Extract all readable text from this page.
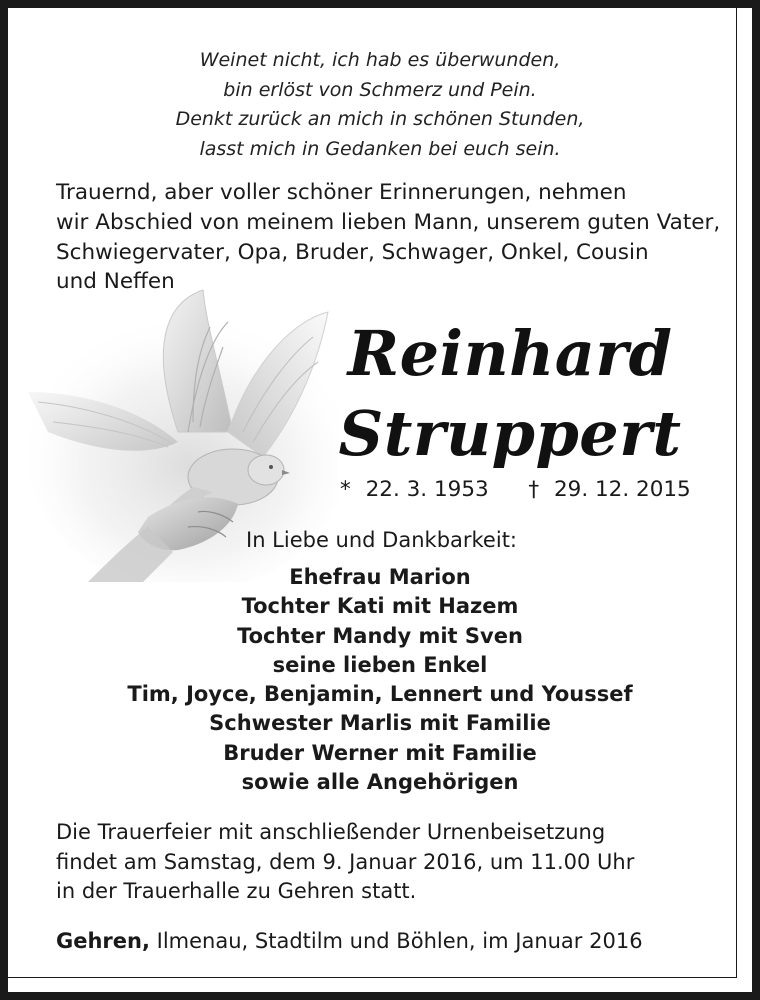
Weinet nicht, ich hab es überwunden,
bin erlöst von Schmerz und Pein.
Denkt zurück an mich in schönen Stunden,
lasst mich in Gedanken bei euch sein.
Trauernd, aber voller schöner Erinnerungen, nehmen
wir Abschied von meinem lieben Mann, unserem guten Vater,
Schwiegervater, Opa, Bruder, Schwager, Onkel, Cousin
und Neffen
Reinhard
Struppert
* 22. 3. 1953 † 29. 12. 2015
In Liebe und Dankbarkeit:
Ehefrau Marion
Tochter Kati mit Hazem
Tochter Mandy mit Sven
seine lieben Enkel
Tim, Joyce, Benjamin, Lennert und Youssef
Schwester Marlis mit Familie
Bruder Werner mit Familie
sowie alle Angehörigen
Die Trauerfeier mit anschließender Urnenbeisetzung
findet am Samstag, dem 9. Januar 2016, um 11.00 Uhr
in der Trauerhalle zu Gehren statt.
Gehren, Ilmenau, Stadtilm und Böhlen, im Januar 2016
